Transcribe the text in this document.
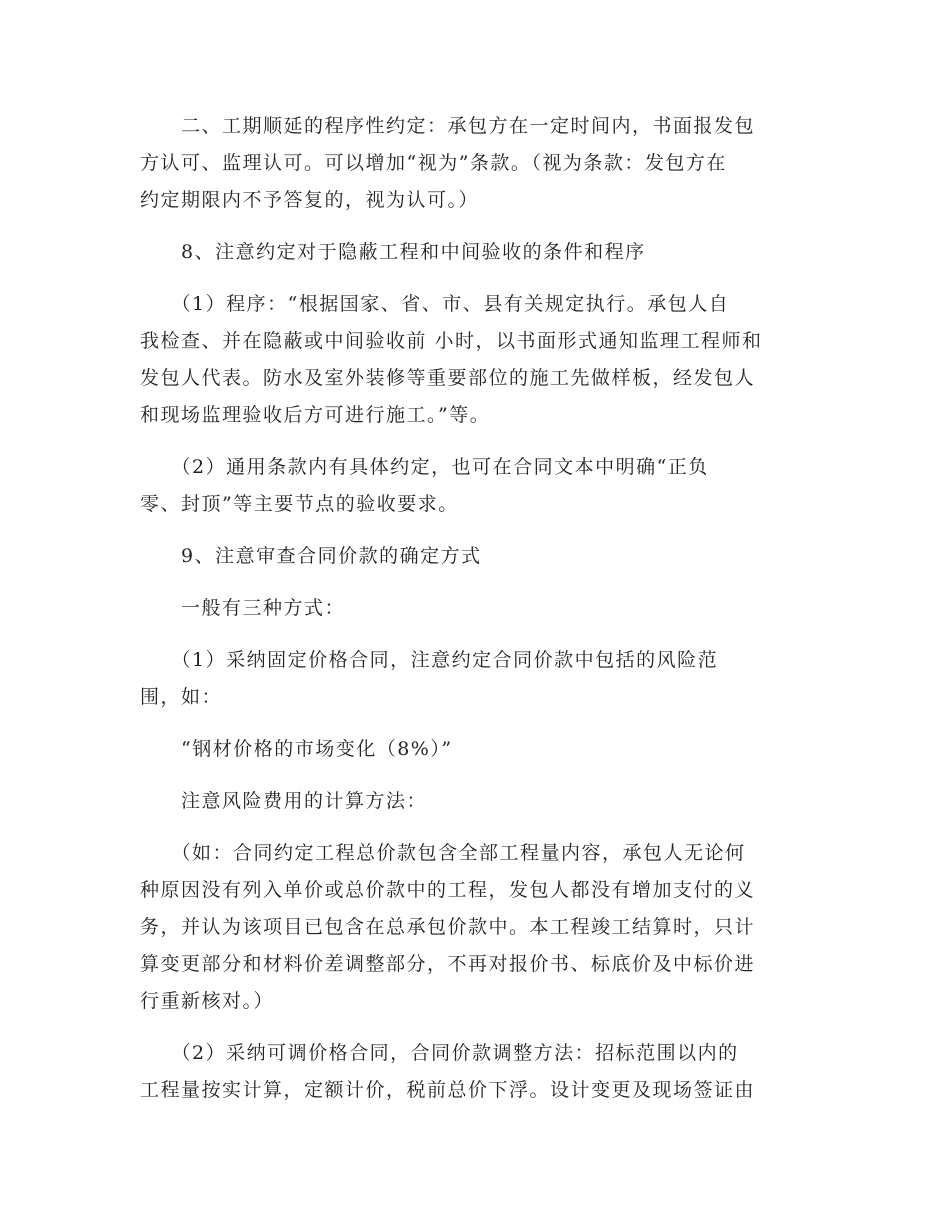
　　二、工期顺延的程序性约定：承包方在一定时间内，书面报发包

方认可、监理认可。可以增加“视为”条款。（视为条款：发包方在

约定期限内不予答复的，视为认可。）

　　8、注意约定对于隐蔽工程和中间验收的条件和程序

　　（1）程序：“根据国家、省、市、县有关规定执行。承包人自

我检查、并在隐蔽或中间验收前 小时，以书面形式通知监理工程师和

发包人代表。防水及室外装修等重要部位的施工先做样板，经发包人

和现场监理验收后方可进行施工。”等。

　　（2）通用条款内有具体约定，也可在合同文本中明确“正负

零、封顶”等主要节点的验收要求。

　　9、注意审查合同价款的确定方式

　　一般有三种方式：

　　（1）采纳固定价格合同，注意约定合同价款中包括的风险范

围，如：

　　“钢材价格的市场变化（8%）”

　　注意风险费用的计算方法：

　　（如：合同约定工程总价款包含全部工程量内容，承包人无论何

种原因没有列入单价或总价款中的工程，发包人都没有增加支付的义

务，并认为该项目已包含在总承包价款中。本工程竣工结算时，只计

算变更部分和材料价差调整部分，不再对报价书、标底价及中标价进

行重新核对。）

　　（2）采纳可调价格合同，合同价款调整方法：招标范围以内的

工程量按实计算，定额计价，税前总价下浮。设计变更及现场签证由
